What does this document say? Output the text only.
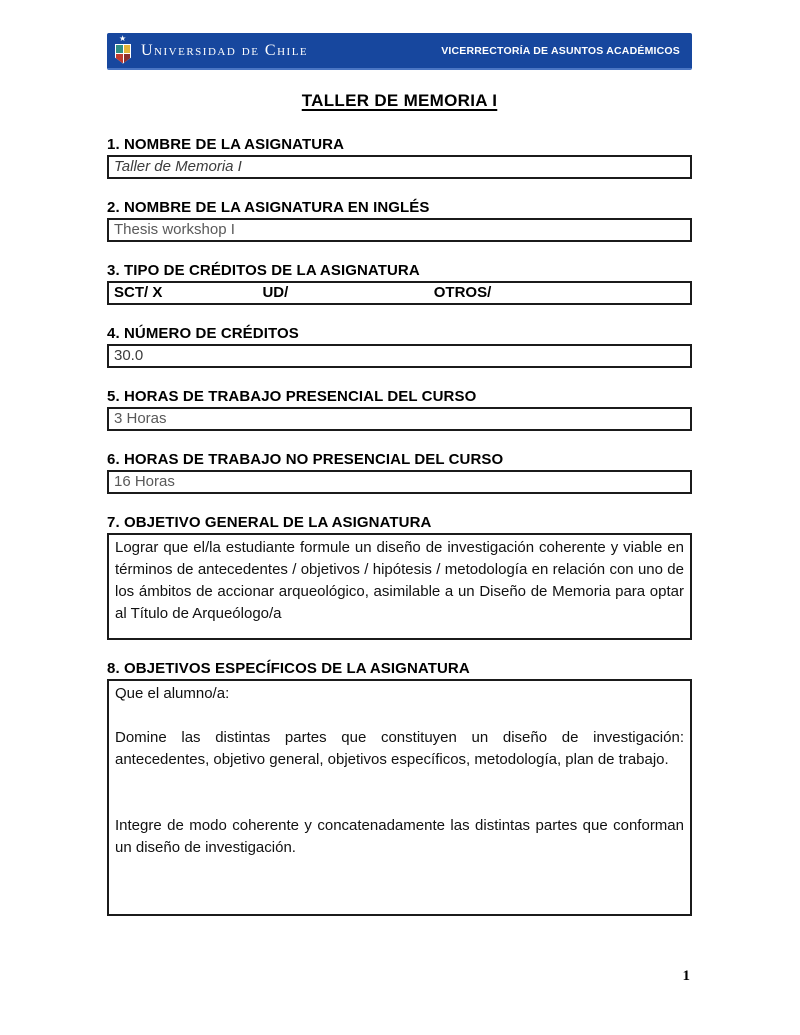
★
Universidad de Chile	VICERRECTORÍA DE ASUNTOS ACADÉMICOS
TALLER DE MEMORIA I
1. NOMBRE DE LA ASIGNATURA
Taller de Memoria I
2. NOMBRE DE LA ASIGNATURA EN INGLÉS
Thesis workshop I
3. TIPO DE CRÉDITOS DE LA ASIGNATURA
SCT/ X	UD/	OTROS/
4. NÚMERO DE CRÉDITOS
30.0
5. HORAS DE TRABAJO PRESENCIAL DEL CURSO
3 Horas
6. HORAS DE TRABAJO NO PRESENCIAL DEL CURSO
16 Horas
7. OBJETIVO GENERAL DE LA ASIGNATURA

Lograr que el/la estudiante formule un diseño de investigación coherente y viable en términos de antecedentes / objetivos / hipótesis / metodología en relación con uno de los ámbitos de accionar arqueológico, asimilable a un Diseño de Memoria para optar al Título de Arqueólogo/a

8. OBJETIVOS ESPECÍFICOS DE LA ASIGNATURA

Que el alumno/a:

Domine las distintas partes que constituyen un diseño de investigación: antecedentes, objetivo general, objetivos específicos, metodología, plan de trabajo.

Integre de modo coherente y concatenadamente las distintas partes que conforman un diseño de investigación.

1
